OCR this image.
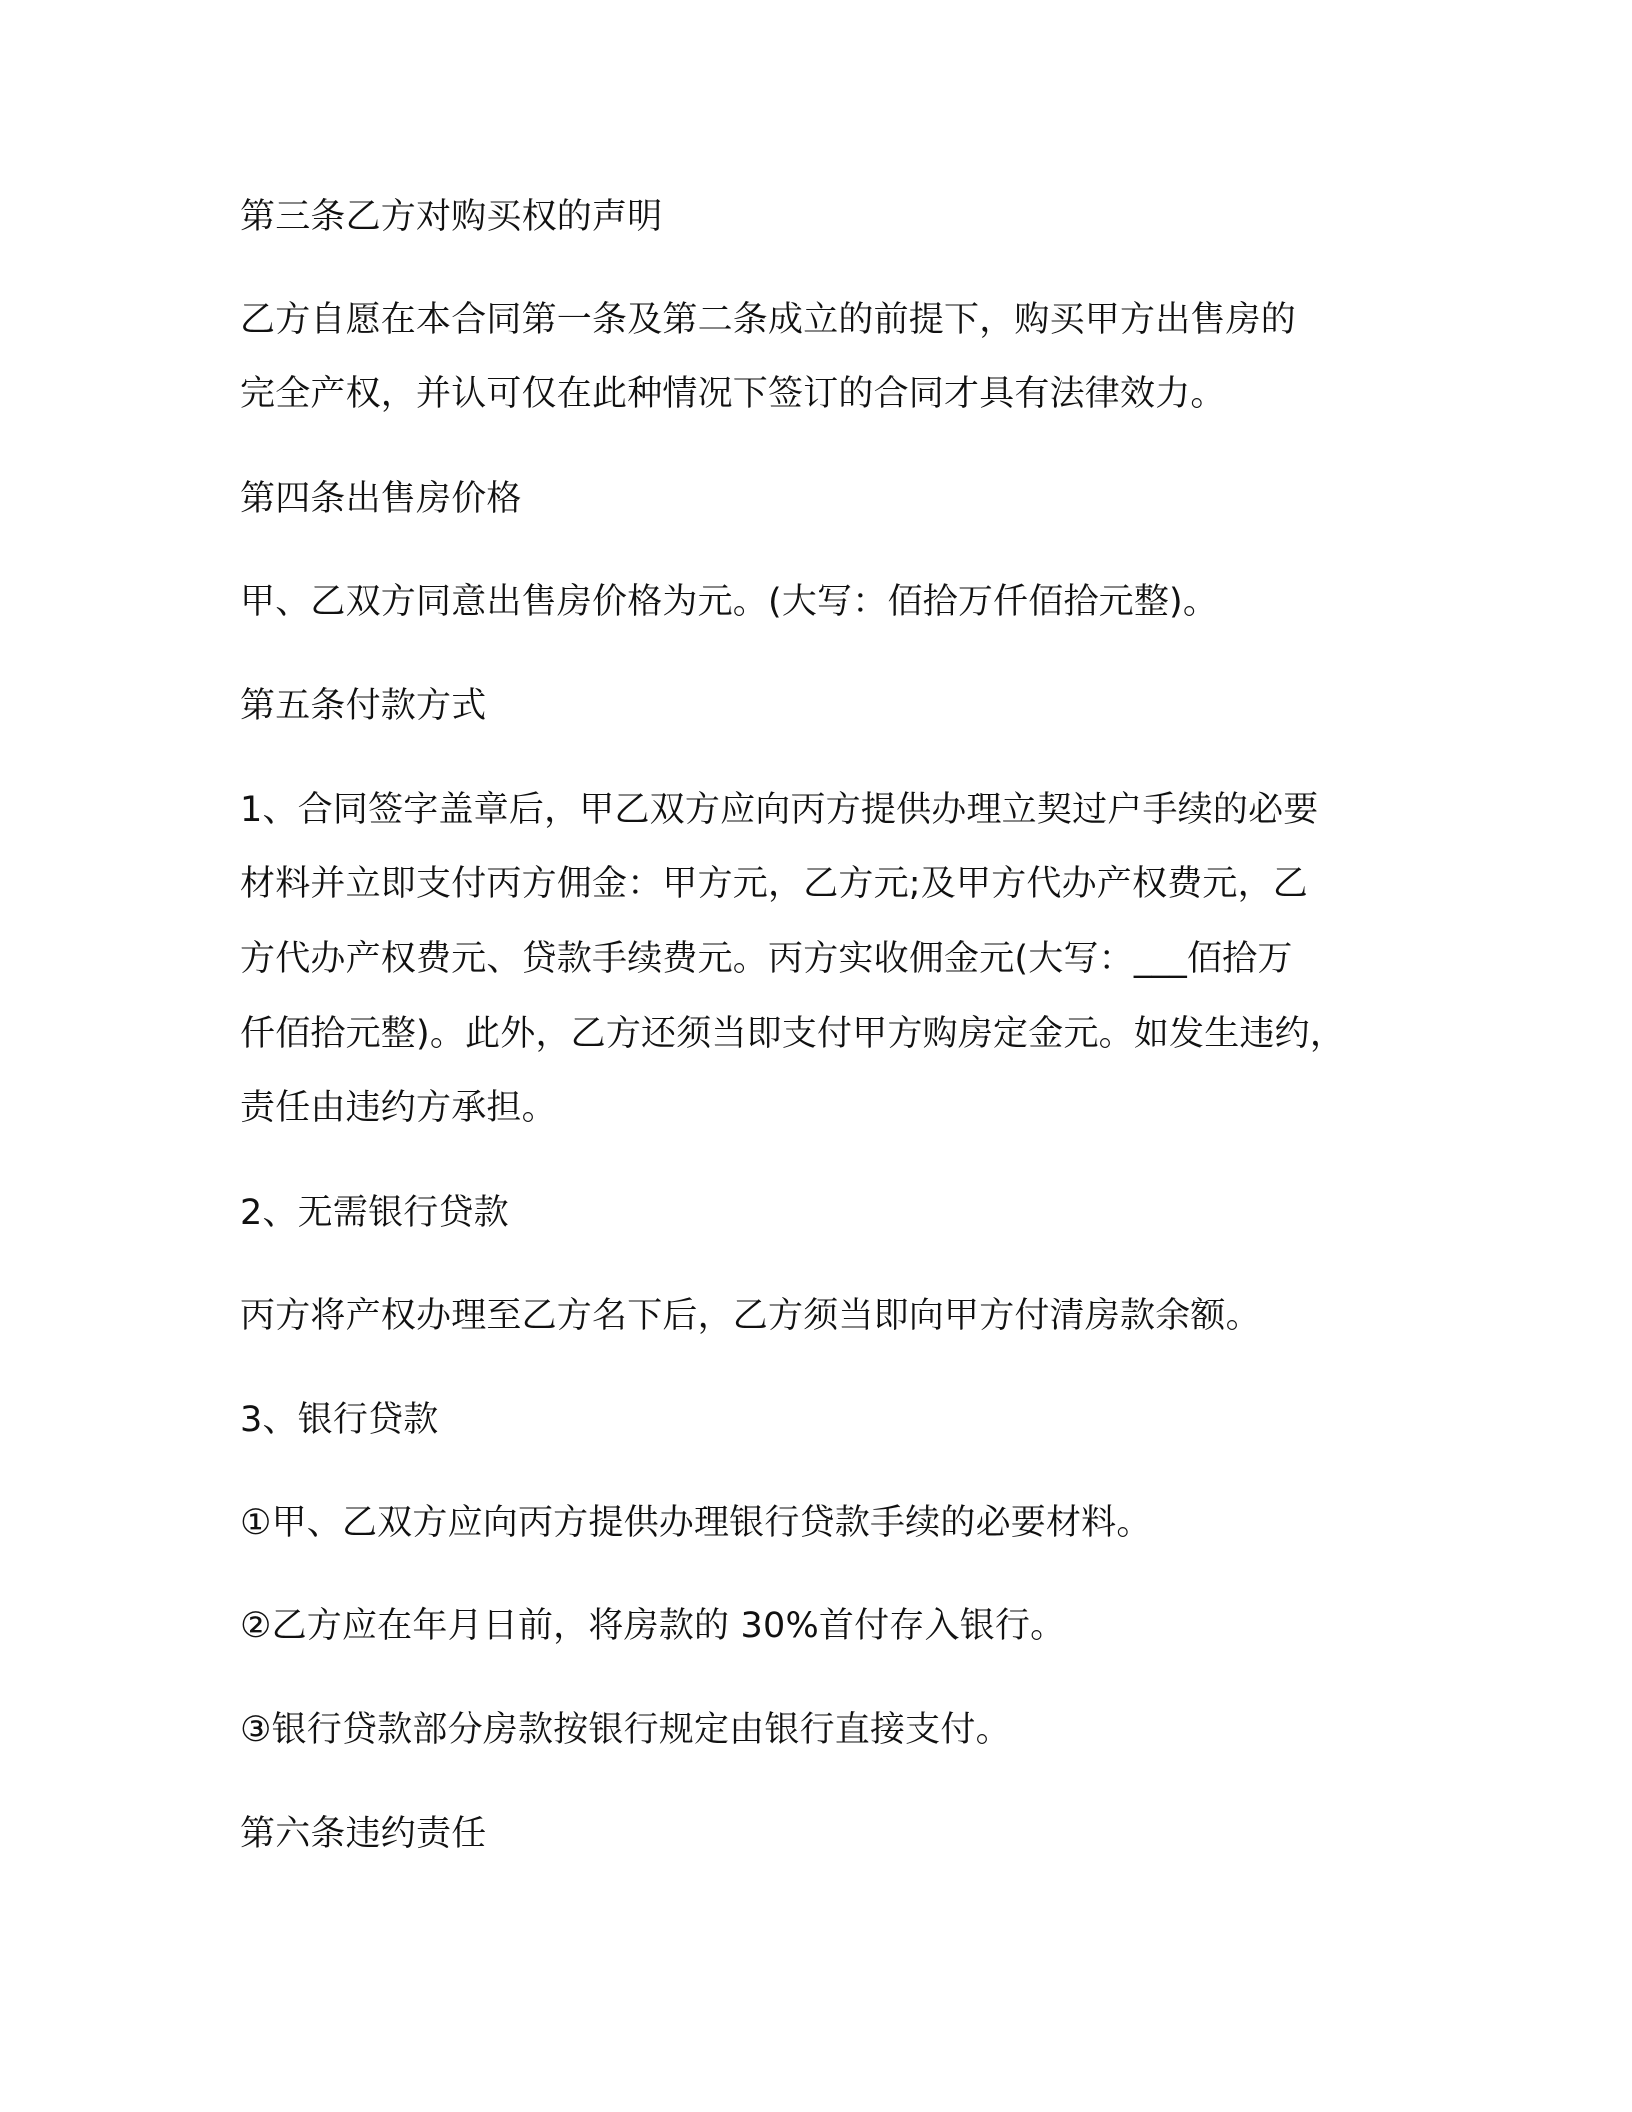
第三条乙方对购买权的声明

乙方自愿在本合同第一条及第二条成立的前提下，购买甲方出售房的

完全产权，并认可仅在此种情况下签订的合同才具有法律效力。

第四条出售房价格

甲、乙双方同意出售房价格为元。(大写：佰拾万仟佰拾元整)。

第五条付款方式

1、合同签字盖章后，甲乙双方应向丙方提供办理立契过户手续的必要

材料并立即支付丙方佣金：甲方元，乙方元;及甲方代办产权费元，乙

方代办产权费元、贷款手续费元。丙方实收佣金元(大写：___佰拾万

仟佰拾元整)。此外，乙方还须当即支付甲方购房定金元。如发生违约，

责任由违约方承担。

2、无需银行贷款

丙方将产权办理至乙方名下后，乙方须当即向甲方付清房款余额。

3、银行贷款

①甲、乙双方应向丙方提供办理银行贷款手续的必要材料。

②乙方应在年月日前，将房款的 30%首付存入银行。

③银行贷款部分房款按银行规定由银行直接支付。

第六条违约责任
